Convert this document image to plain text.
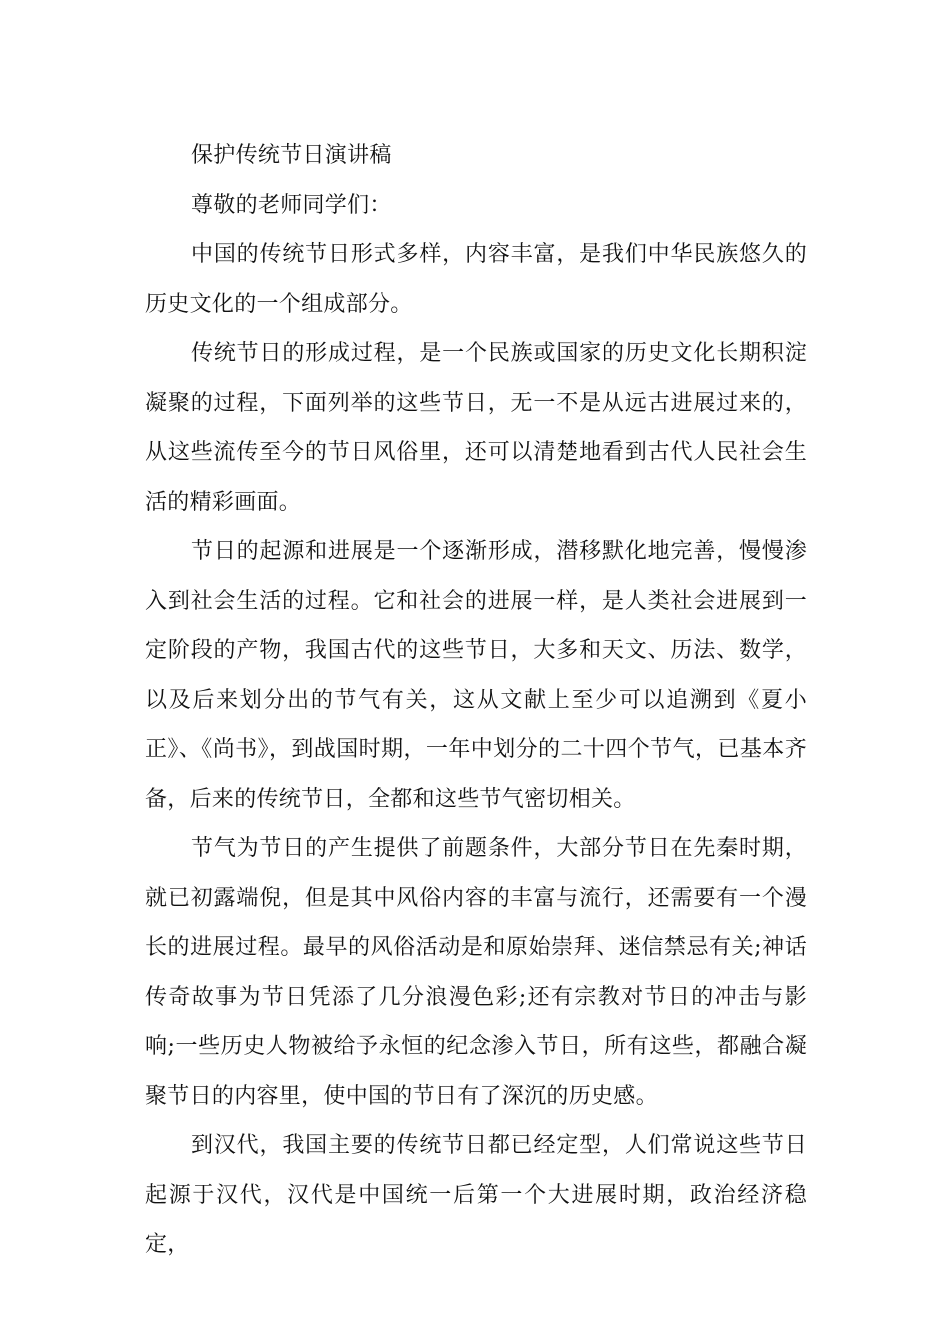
保护传统节日演讲稿

尊敬的老师同学们：

中国的传统节日形式多样，内容丰富，是我们中华民族悠久的历史文化的一个组成部分。

传统节日的形成过程，是一个民族或国家的历史文化长期积淀凝聚的过程，下面列举的这些节日，无一不是从远古进展过来的，从这些流传至今的节日风俗里，还可以清楚地看到古代人民社会生活的精彩画面。

节日的起源和进展是一个逐渐形成，潜移默化地完善，慢慢渗入到社会生活的过程。它和社会的进展一样，是人类社会进展到一定阶段的产物，我国古代的这些节日，大多和天文、历法、数学，以及后来划分出的节气有关，这从文献上至少可以追溯到《夏小正》、《尚书》，到战国时期，一年中划分的二十四个节气，已基本齐备，后来的传统节日，全都和这些节气密切相关。

节气为节日的产生提供了前题条件，大部分节日在先秦时期，就已初露端倪，但是其中风俗内容的丰富与流行，还需要有一个漫长的进展过程。最早的风俗活动是和原始崇拜、迷信禁忌有关;神话传奇故事为节日凭添了几分浪漫色彩;还有宗教对节日的冲击与影响;一些历史人物被给予永恒的纪念渗入节日，所有这些，都融合凝聚节日的内容里，使中国的节日有了深沉的历史感。

到汉代，我国主要的传统节日都已经定型，人们常说这些节日起源于汉代，汉代是中国统一后第一个大进展时期，政治经济稳定，
